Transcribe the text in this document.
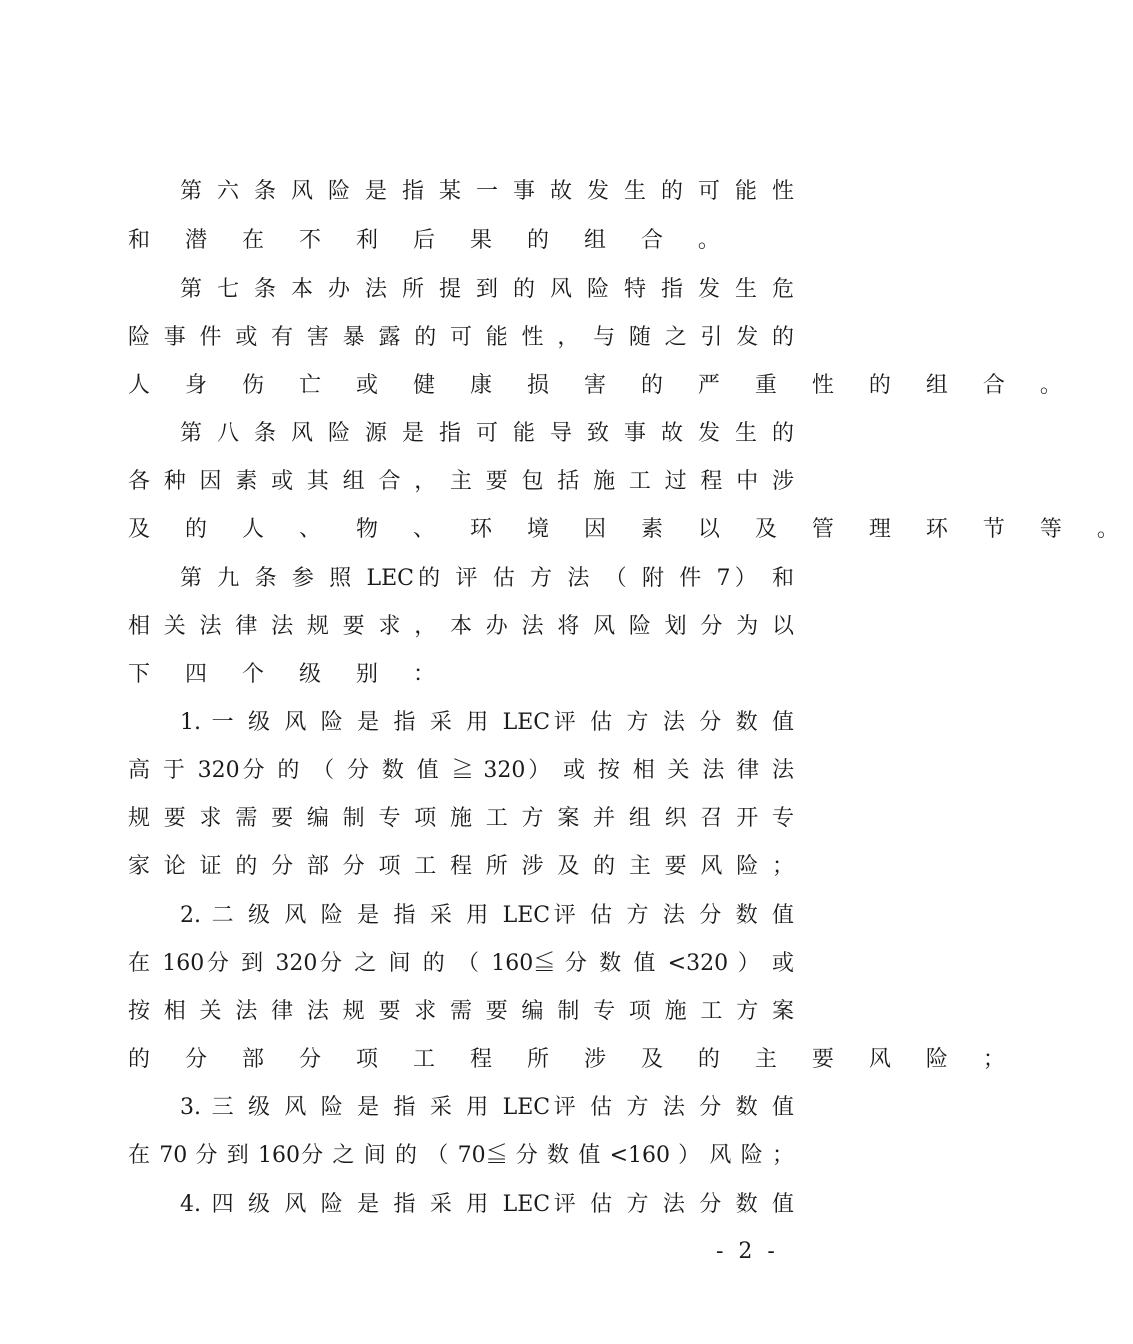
第 六 条 风 险 是 指 某 一 事 故 发 生 的 可 能 性
和 潜 在 不 利 后 果 的 组 合 。
第 七 条 本 办 法 所 提 到 的 风 险 特 指 发 生 危
险 事 件 或 有 害 暴 露 的 可 能 性 ， 与 随 之 引 发 的
人 身 伤 亡 或 健 康 损 害 的 严 重 性 的 组 合 。
第 八 条 风 险 源 是 指 可 能 导 致 事 故 发 生 的
各 种 因 素 或 其 组 合 ， 主 要 包 括 施 工 过 程 中 涉
及 的 人 、 物 、 环 境 因 素 以 及 管 理 环 节 等 。
第 九 条 参 照 LEC的 评 估 方 法 （ 附 件 7） 和
相 关 法 律 法 规 要 求 ， 本 办 法 将 风 险 划 分 为 以
下 四 个 级 别 ：
1. 一 级 风 险 是 指 采 用 LEC评 估 方 法 分 数 值
高 于 320分 的 （ 分 数 值 ≧ 320） 或 按 相 关 法 律 法
规 要 求 需 要 编 制 专 项 施 工 方 案 并 组 织 召 开 专
家 论 证 的 分 部 分 项 工 程 所 涉 及 的 主 要 风 险 ；
2. 二 级 风 险 是 指 采 用 LEC评 估 方 法 分 数 值
在 160分 到 320分 之 间 的 （ 160≦ 分 数 值 <320 ） 或
按 相 关 法 律 法 规 要 求 需 要 编 制 专 项 施 工 方 案
的 分 部 分 项 工 程 所 涉 及 的 主 要 风 险 ；
3. 三 级 风 险 是 指 采 用 LEC评 估 方 法 分 数 值
在 70 分 到 160分 之 间 的 （ 70≦ 分 数 值 <160 ） 风 险 ；
4. 四 级 风 险 是 指 采 用 LEC评 估 方 法 分 数 值
- 2 -
